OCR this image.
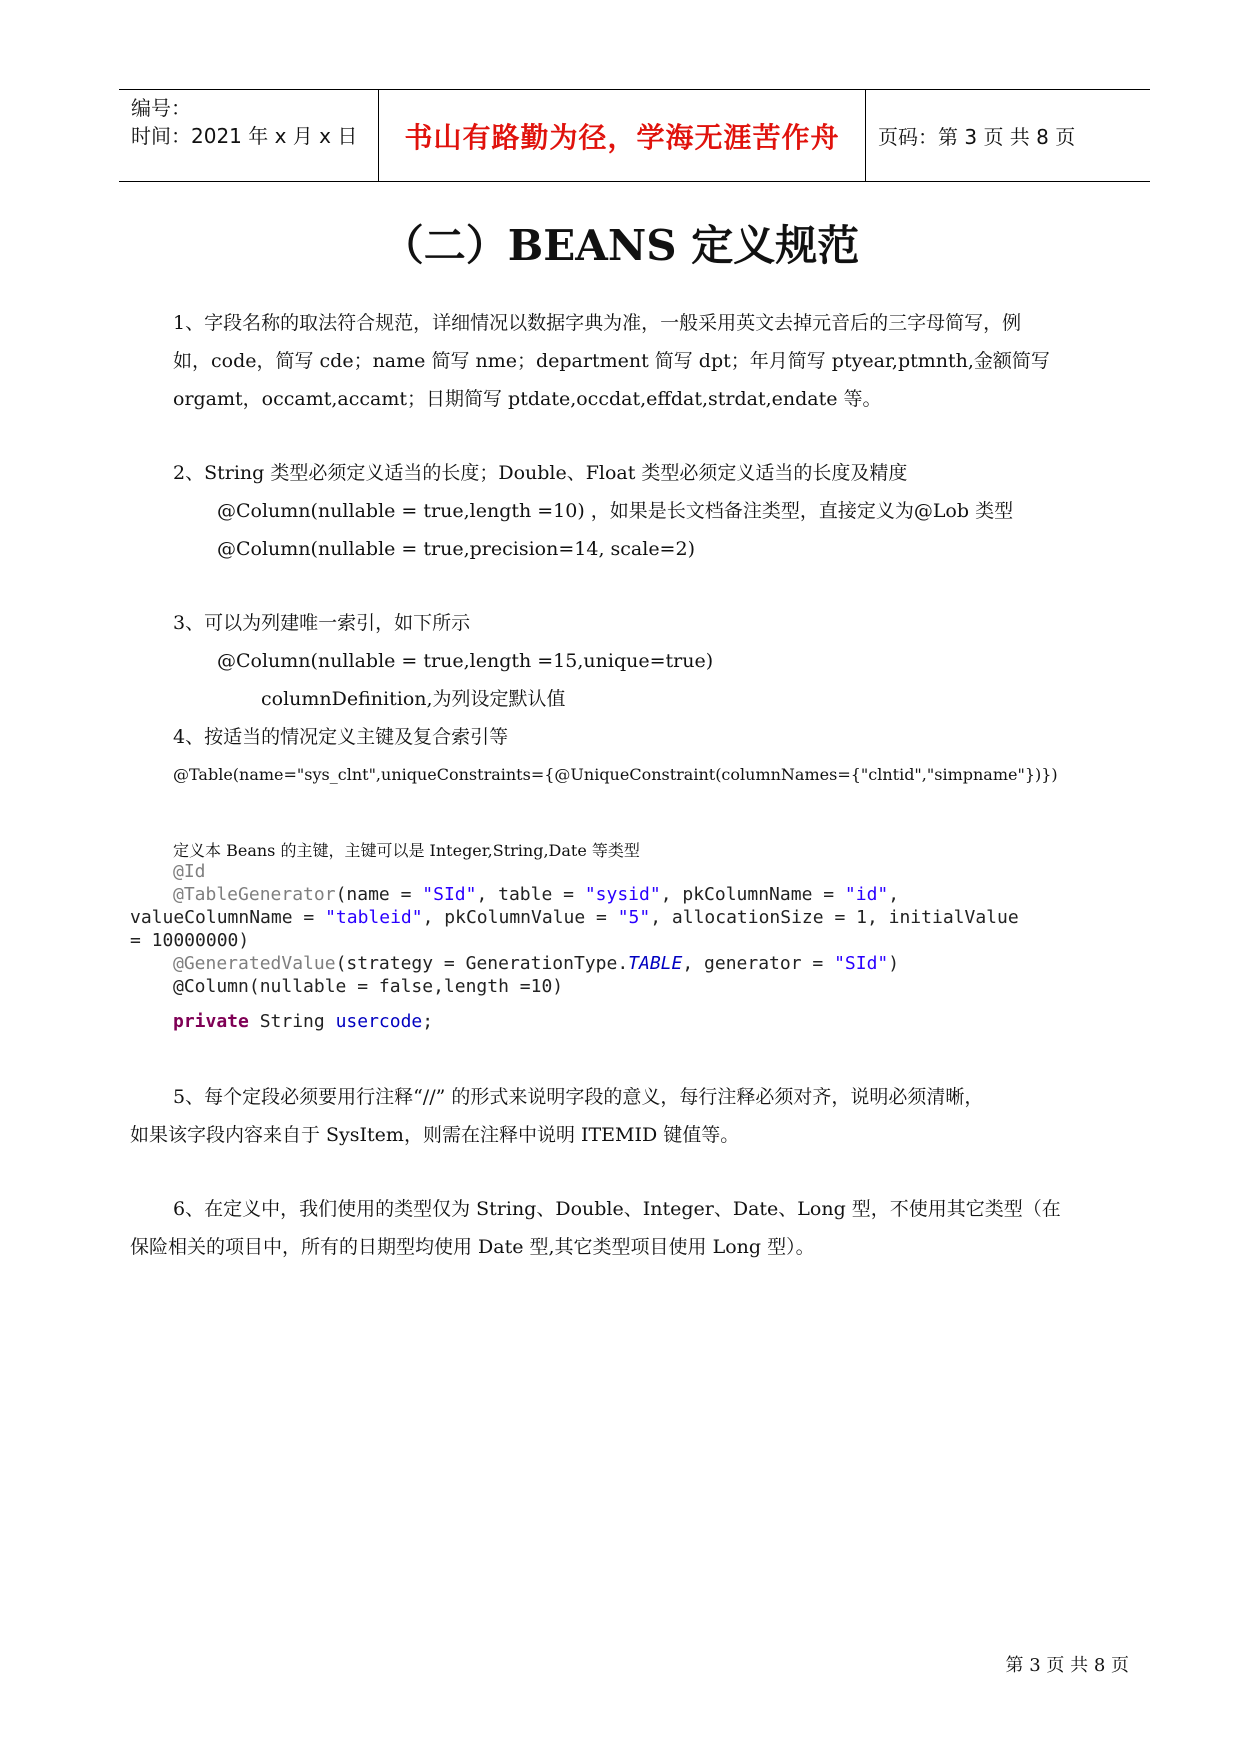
编号：
时间：2021 年 x 月 x 日	书山有路勤为径，学海无涯苦作舟	页码：第 3 页 共 8 页
（二）BEANS 定义规范
1、字段名称的取法符合规范，详细情况以数据字典为准，一般采用英文去掉元音后的三字母简写，例
如，code，简写 cde；name 简写 nme；department 简写 dpt；年月简写 ptyear,ptmnth,金额简写
orgamt，occamt,accamt；日期简写 ptdate,occdat,effdat,strdat,endate 等。
2、String 类型必须定义适当的长度；Double、Float 类型必须定义适当的长度及精度
@Column(nullable = true,length =10) ，如果是长文档备注类型，直接定义为@Lob 类型
@Column(nullable = true,precision=14, scale=2)
3、可以为列建唯一索引，如下所示
@Column(nullable = true,length =15,unique=true)
columnDefinition,为列设定默认值
4、按适当的情况定义主键及复合索引等
@Table(name="sys_clnt",uniqueConstraints={@UniqueConstraint(columnNames={"clntid","simpname"})})
定义本 Beans 的主键，主键可以是 Integer,String,Date 等类型
@Id
@TableGenerator(name = "SId", table = "sysid", pkColumnName = "id",
valueColumnName = "tableid", pkColumnValue = "5", allocationSize = 1, initialValue
= 10000000)
@GeneratedValue(strategy = GenerationType.TABLE, generator = "SId")
@Column(nullable = false,length =10)
private String usercode;
5、每个定段必须要用行注释“//” 的形式来说明字段的意义，每行注释必须对齐，说明必须清晰，
如果该字段内容来自于 SysItem，则需在注释中说明 ITEMID 键值等。
6、在定义中，我们使用的类型仅为 String、Double、Integer、Date、Long 型，不使用其它类型（在
保险相关的项目中，所有的日期型均使用 Date 型,其它类型项目使用 Long 型）。
第 3 页 共 8 页
